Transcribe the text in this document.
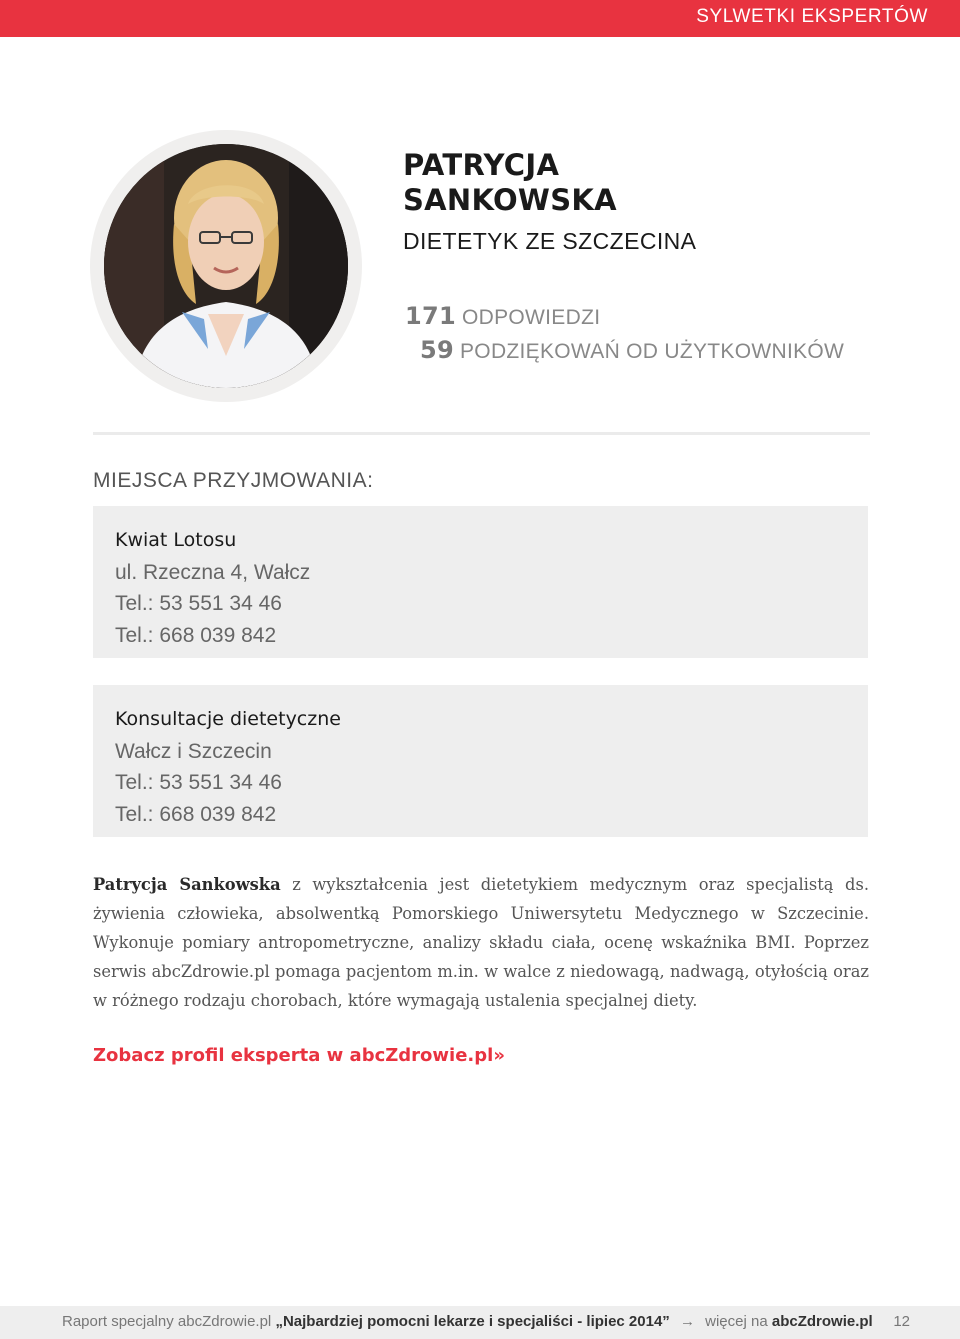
SYLWETKI EKSPERTÓW
PATRYCJA
SANKOWSKA
DIETETYK ZE SZCZECINA
171 ODPOWIEDZI
59 PODZIĘKOWAŃ OD UŻYTKOWNIKÓW
MIEJSCA PRZYJMOWANIA:
Kwiat Lotosu
ul. Rzeczna 4, Wałcz
Tel.: 53 551 34 46
Tel.: 668 039 842
Konsultacje dietetyczne
Wałcz i Szczecin
Tel.: 53 551 34 46
Tel.: 668 039 842

Patrycja Sankowska z wykształcenia jest dietetykiem medycznym oraz specjalistą ds. żywienia człowieka, absolwentką Pomorskiego Uniwersytetu Medycznego w Szczecinie. Wykonuje pomiary antropometryczne, analizy składu ciała, ocenę wskaźnika BMI. Poprzez serwis abcZdrowie.pl pomaga pacjentom m.in. w walce z niedowagą, nadwagą, otyłością oraz w różnego rodzaju chorobach, które wymagają ustalenia specjalnej diety.

Zobacz profil eksperta w abcZdrowie.pl»
Raport specjalny abcZdrowie.pl „Najbardziej pomocni lekarze i specjaliści - lipiec 2014” → więcej na abcZdrowie.pl 12
